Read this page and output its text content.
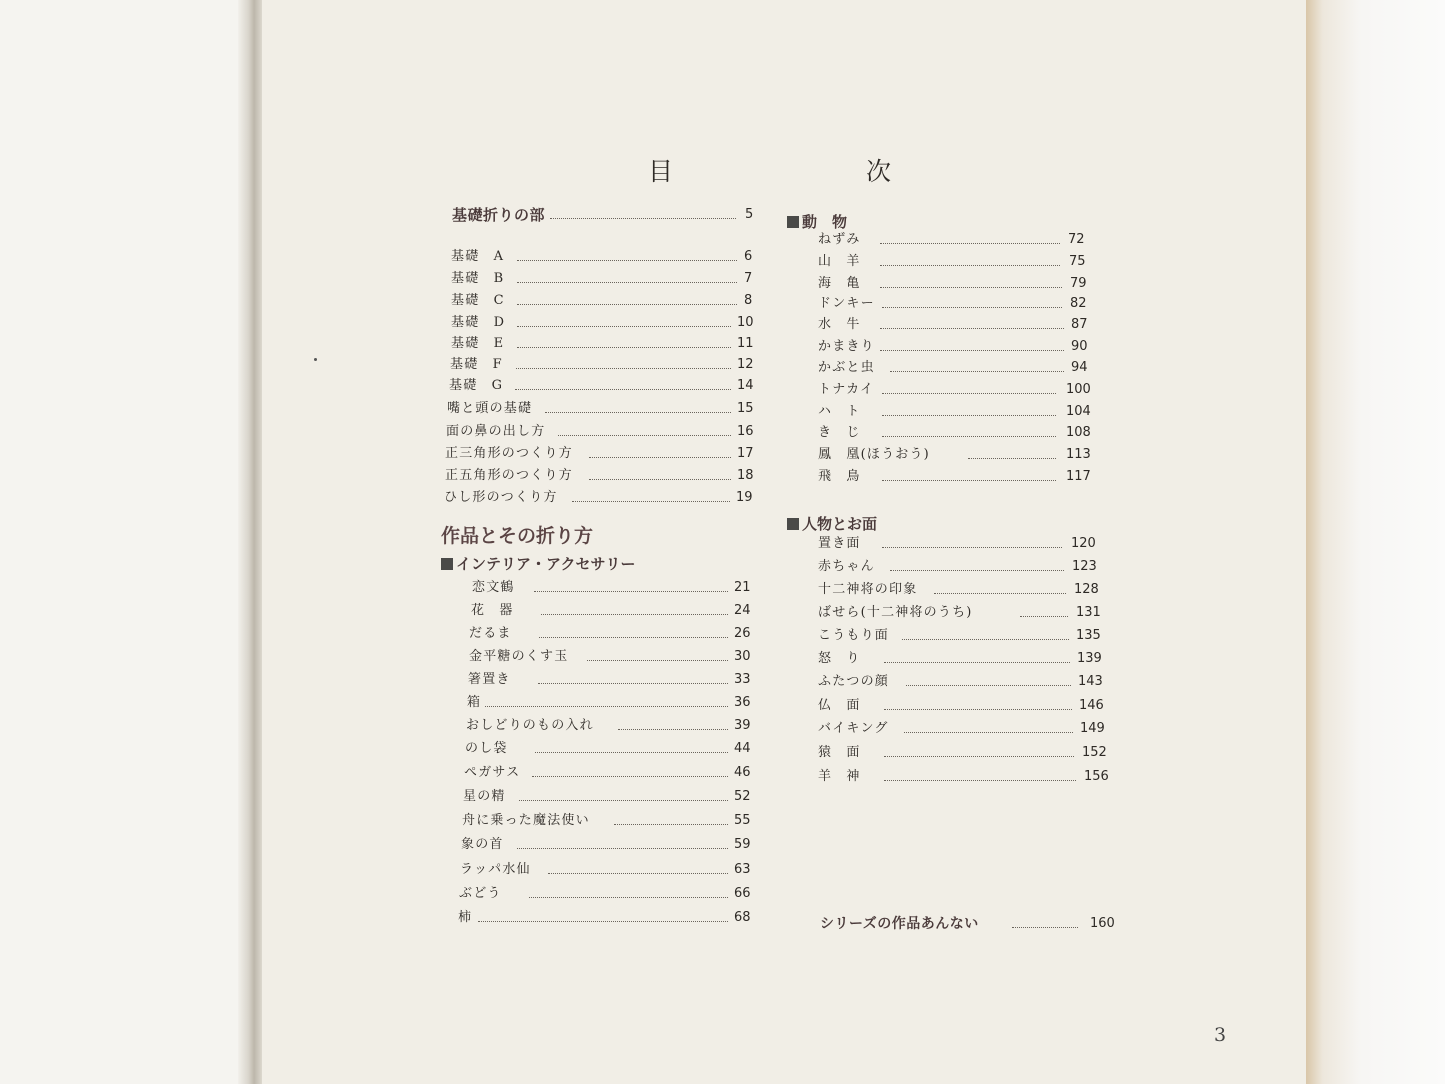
目	次
基礎折りの部	5
基礎　A	6
基礎　B	7
基礎　C	8
基礎　D	10
基礎　E	11
基礎　F	12
基礎　G	14
嘴と頭の基礎	15
面の鼻の出し方	16
正三角形のつくり方	17
正五角形のつくり方	18
ひし形のつくり方	19
作品とその折り方
インテリア・アクセサリー
恋文鶴	21
花　器	24
だるま	26
金平糖のくす玉	30
箸置き	33
箱	36
おしどりのもの入れ	39
のし袋	44
ペガサス	46
星の精	52
舟に乗った魔法使い	55
象の首	59
ラッパ水仙	63
ぶどう	66
柿	68
動　物
ねずみ	72
山　羊	75
海　亀	79
ドンキー	82
水　牛	87
かまきり	90
かぶと虫	94
トナカイ	100
ハ　ト	104
き　じ	108
鳳　凰(ほうおう)	113
飛　鳥	117
人物とお面
置き面	120
赤ちゃん	123
十二神将の印象	128
ばせら(十二神将のうち)	131
こうもり面	135
怒　り	139
ふたつの顔	143
仏　面	146
バイキング	149
猿　面	152
羊　神	156
シリーズの作品あんない	160
3
